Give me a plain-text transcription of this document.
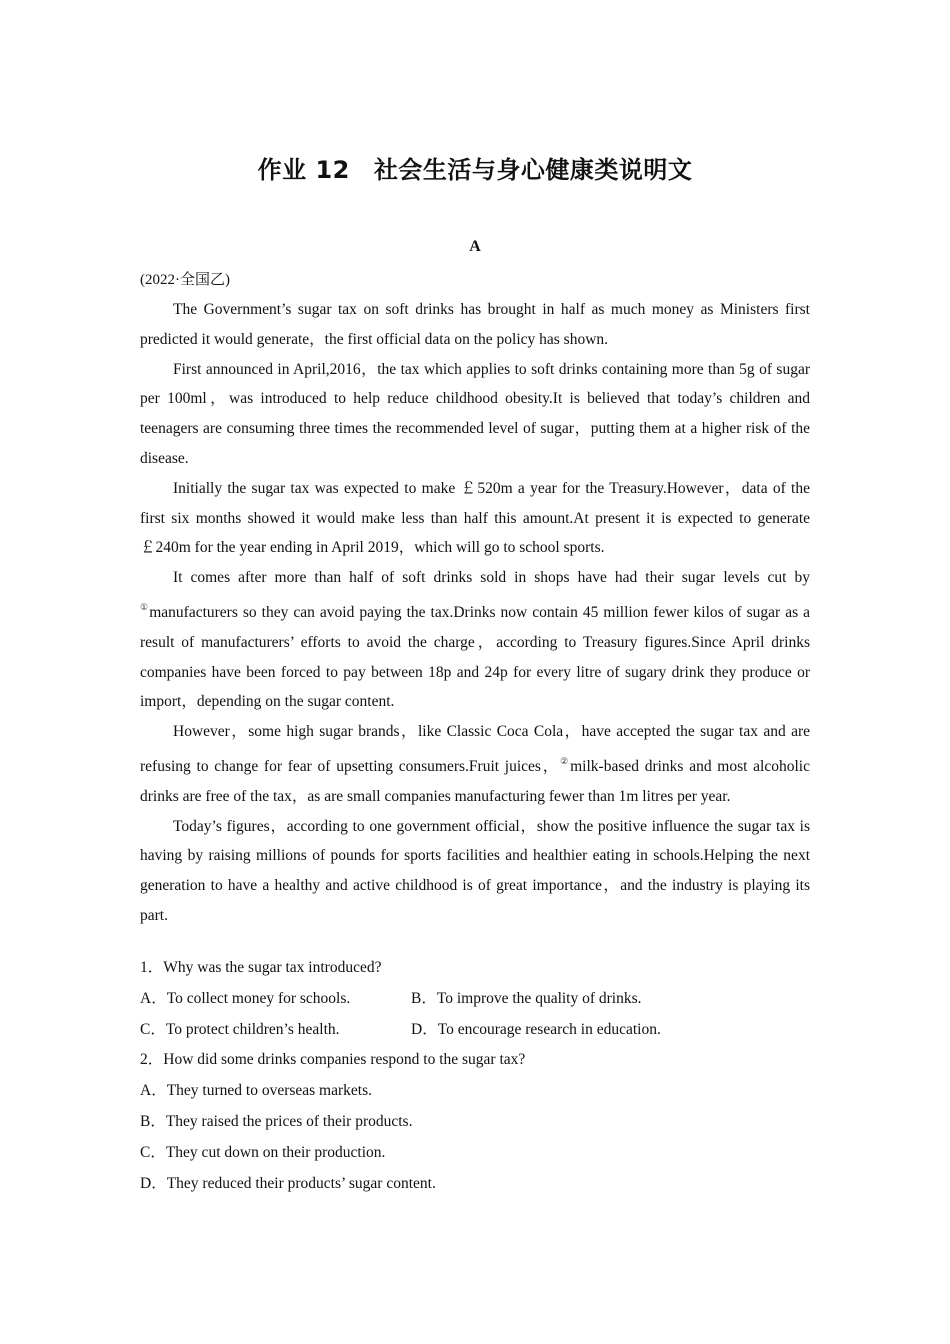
作业 12 社会生活与身心健康类说明文
A
(2022·全国乙)

The Government’s sugar tax on soft drinks has brought in half as much money as Ministers first predicted it would generate，the first official data on the policy has shown.

First announced in April,2016，the tax which applies to soft drinks containing more than 5g of sugar per 100ml，was introduced to help reduce childhood obesity.It is believed that today’s children and teenagers are consuming three times the recommended level of sugar，putting them at a higher risk of the disease.

Initially the sugar tax was expected to make ￡520m a year for the Treasury.However，data of the first six months showed it would make less than half this amount.At present it is expected to generate ￡240m for the year ending in April 2019，which will go to school sports.

It comes after more than half of soft drinks sold in shops have had their sugar levels cut by ①manufacturers so they can avoid paying the tax.Drinks now contain 45 million fewer kilos of sugar as a result of manufacturers’ efforts to avoid the charge，according to Treasury figures.Since April drinks companies have been forced to pay between 18p and 24p for every litre of sugary drink they produce or import，depending on the sugar content.

However，some high sugar brands，like Classic Coca Cola，have accepted the sugar tax and are refusing to change for fear of upsetting consumers.Fruit juices，②milk-based drinks and most alcoholic drinks are free of the tax，as are small companies manufacturing fewer than 1m litres per year.

Today’s figures，according to one government official，show the positive influence the sugar tax is having by raising millions of pounds for sports facilities and healthier eating in schools.Helping the next generation to have a healthy and active childhood is of great importance，and the industry is playing its part.

1．Why was the sugar tax introduced?

A．To collect money for schools.	B．To improve the quality of drinks.
C．To protect children’s health.	D．To encourage research in education.

2．How did some drinks companies respond to the sugar tax?

A．They turned to overseas markets.

B．They raised the prices of their products.

C．They cut down on their production.

D．They reduced their products’ sugar content.
